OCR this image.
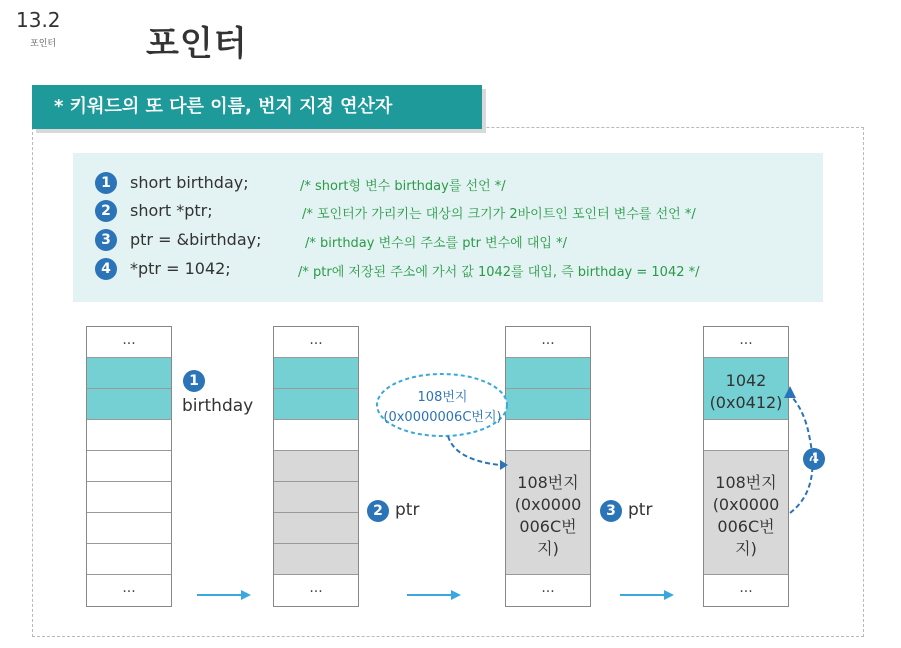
13.2
포인터	포인터
* 키워드의 또 다른 이름, 번지 지정 연산자
1	short birthday;	/* short형 변수 birthday를 선언 */
2	short *ptr;	/* 포인터가 가리키는 대상의 크기가 2바이트인 포인터 변수를 선언 */
3	ptr = &birthday;	/* birthday 변수의 주소를 ptr 변수에 대입 */
4	*ptr = 1042;	/* ptr에 저장된 주소에 가서 값 1042를 대입, 즉 birthday = 1042 */
...
...
1
birthday
...
...
2 ptr
...
...
108번지
(0x0000
006C번
지)
3 ptr
108번지
(0x0000006C번지)
...
...
1042
(0x0412)
108번지
(0x0000
006C번
지)
4
